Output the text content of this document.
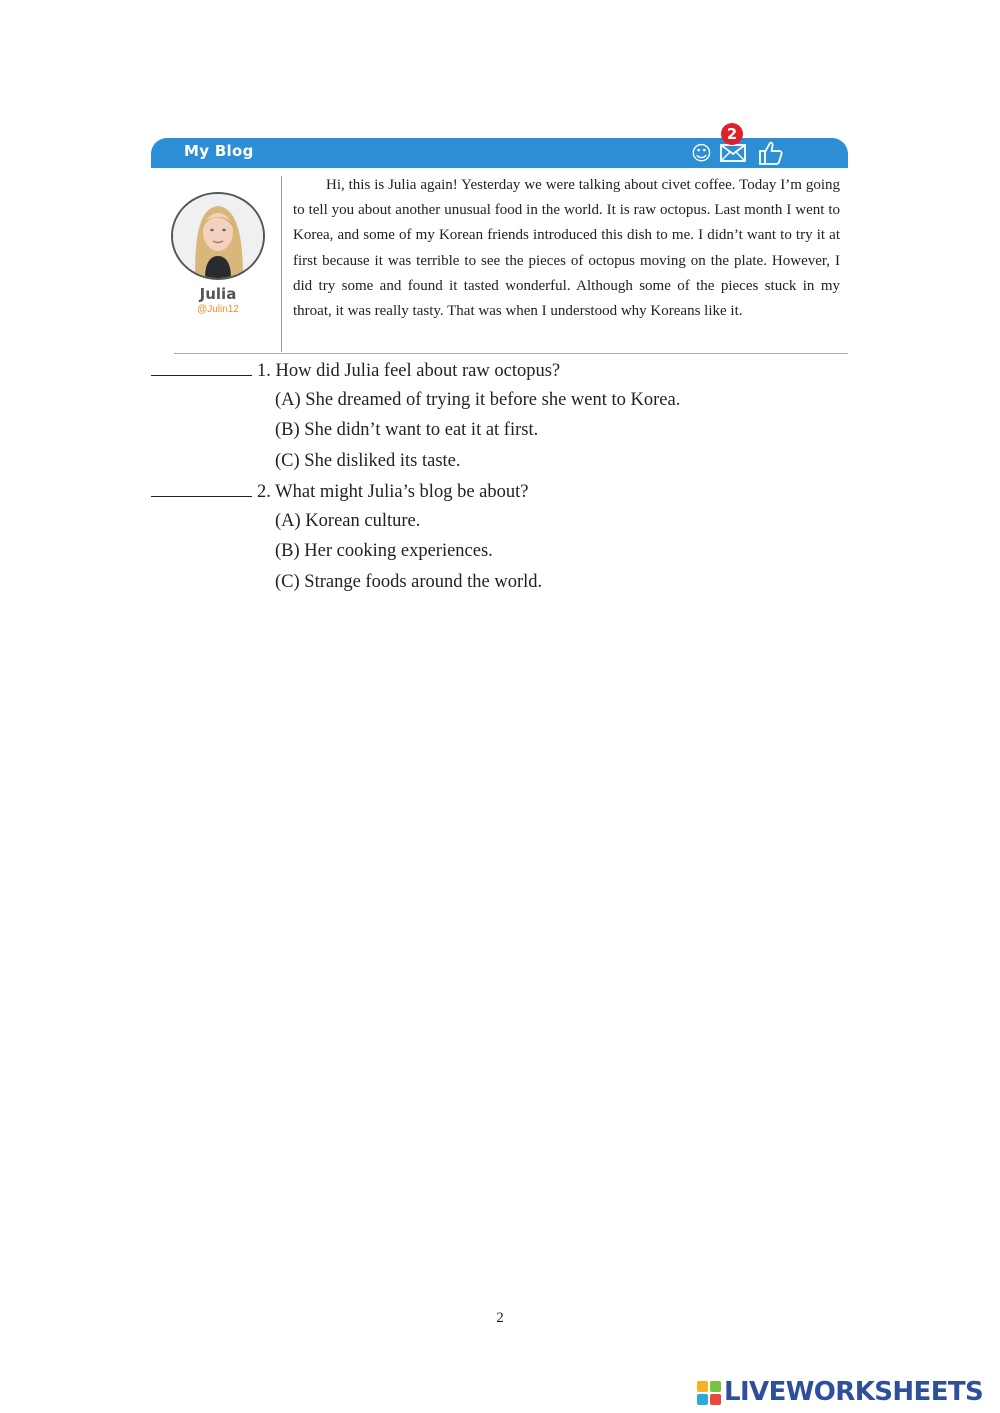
My Blog	☺
2
Julia
@Julin12

Hi, this is Julia again! Yesterday we were talking about civet coffee. Today I’m going to tell you about another unusual food in the world. It is raw octopus. Last month I went to Korea, and some of my Korean friends introduced this dish to me. I didn’t want to try it at first because it was terrible to see the pieces of octopus moving on the plate. However, I did try some and found it tasted wonderful. Although some of the pieces stuck in my throat, it was really tasty. That was when I understood why Koreans like it.

1. How did Julia feel about raw octopus?
(A) She dreamed of trying it before she went to Korea.
(B) She didn’t want to eat it at first.
(C) She disliked its taste.
2. What might Julia’s blog be about?
(A) Korean culture.
(B) Her cooking experiences.
(C) Strange foods around the world.
2
LIVEWORKSHEETS
